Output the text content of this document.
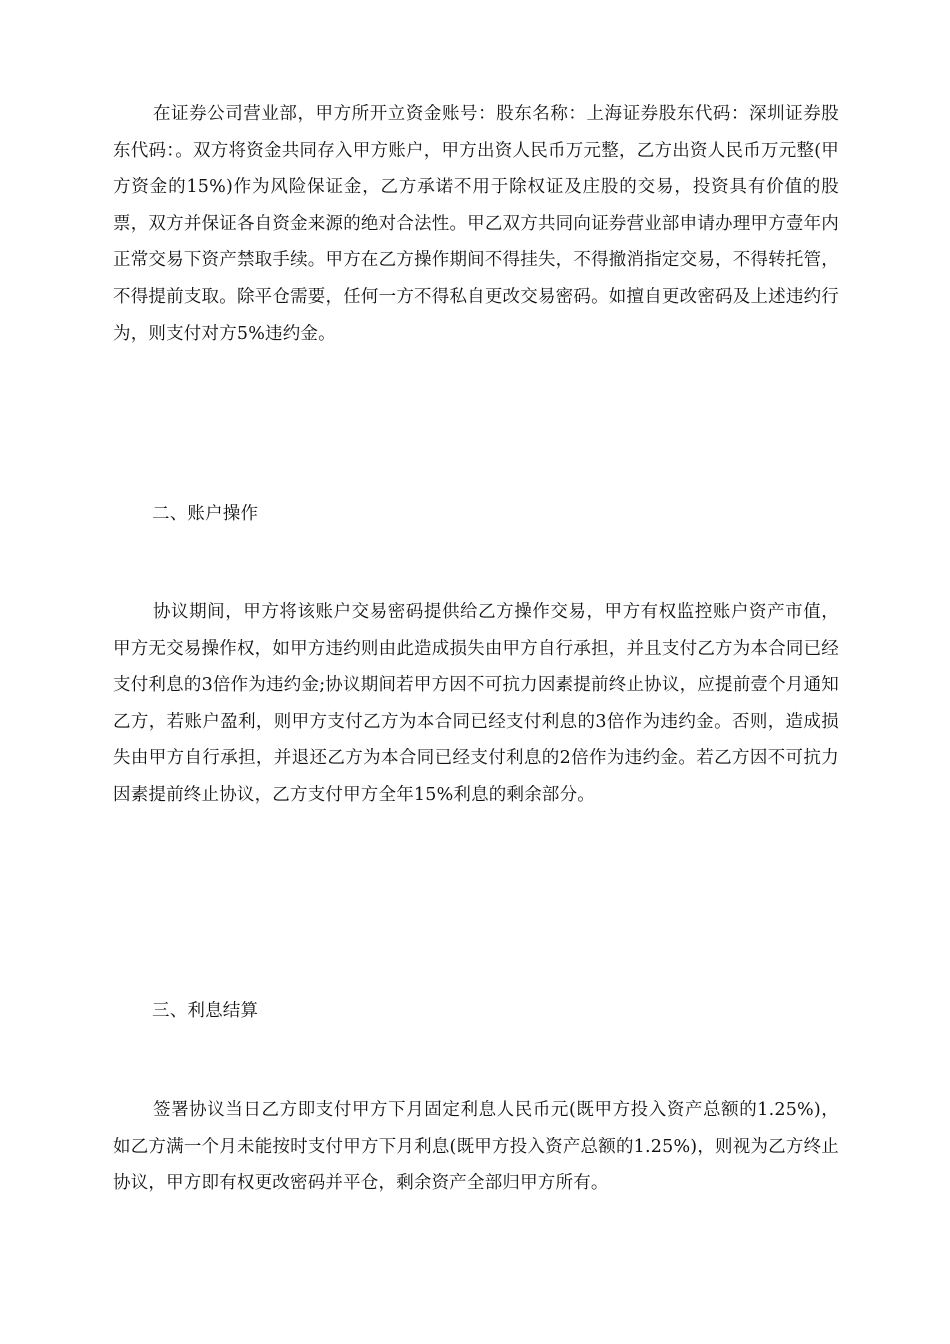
在证券公司营业部，甲方所开立资金账号：股东名称：上海证券股东代码：深圳证券股东代码：。双方将资金共同存入甲方账户，甲方出资人民币万元整，乙方出资人民币万元整(甲方资金的15%)作为风险保证金，乙方承诺不用于除权证及庄股的交易，投资具有价值的股票，双方并保证各自资金来源的绝对合法性。甲乙双方共同向证券营业部申请办理甲方壹年内正常交易下资产禁取手续。甲方在乙方操作期间不得挂失，不得撤消指定交易，不得转托管，不得提前支取。除平仓需要，任何一方不得私自更改交易密码。如擅自更改密码及上述违约行为，则支付对方5%违约金。

二、账户操作

协议期间，甲方将该账户交易密码提供给乙方操作交易，甲方有权监控账户资产市值，甲方无交易操作权，如甲方违约则由此造成损失由甲方自行承担，并且支付乙方为本合同已经支付利息的3倍作为违约金;协议期间若甲方因不可抗力因素提前终止协议，应提前壹个月通知乙方，若账户盈利，则甲方支付乙方为本合同已经支付利息的3倍作为违约金。否则，造成损失由甲方自行承担，并退还乙方为本合同已经支付利息的2倍作为违约金。若乙方因不可抗力因素提前终止协议，乙方支付甲方全年15%利息的剩余部分。

三、利息结算

签署协议当日乙方即支付甲方下月固定利息人民币元(既甲方投入资产总额的1.25%)，如乙方满一个月未能按时支付甲方下月利息(既甲方投入资产总额的1.25%)，则视为乙方终止协议，甲方即有权更改密码并平仓，剩余资产全部归甲方所有。
